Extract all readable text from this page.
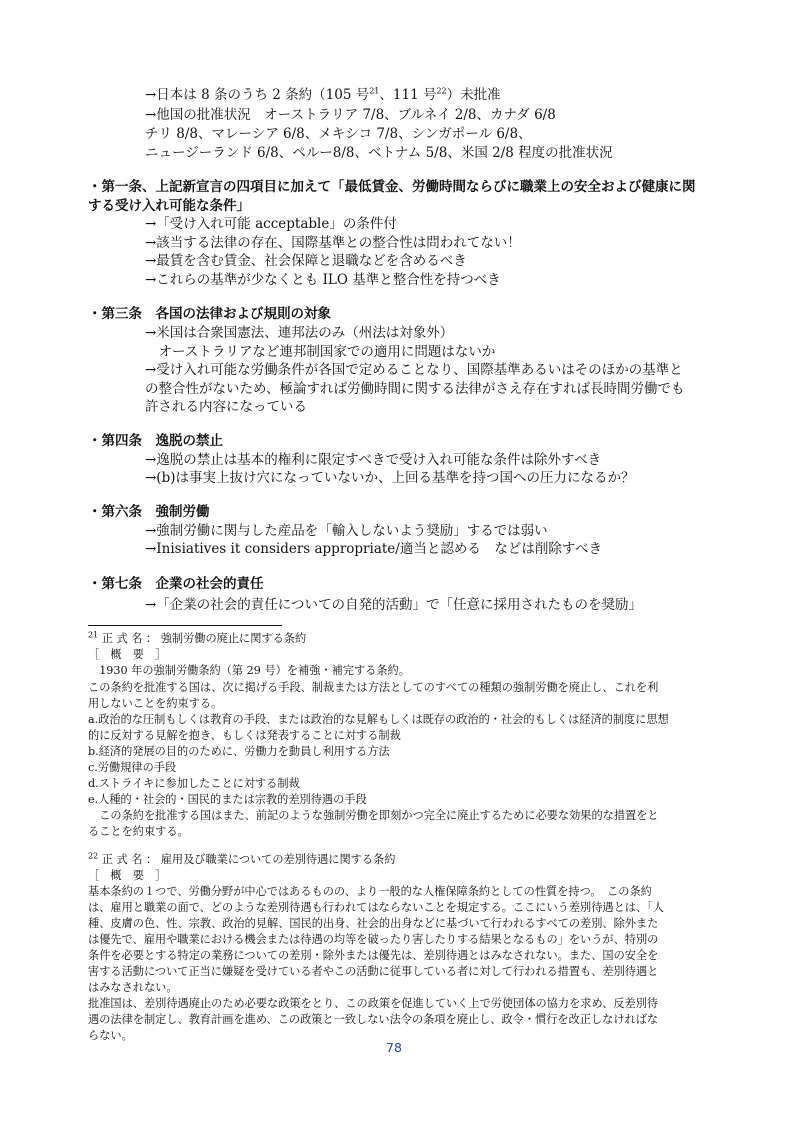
→日本は 8 条のうち 2 条約（105 号$^{21}$、111 号$^{22}$）未批准
→他国の批准状況　オーストラリア 7/8、ブルネイ 2/8、カナダ 6/8
チリ 8/8、マレーシア 6/8、メキシコ 7/8、シンガポール 6/8、
ニュージーランド 6/8、ペルー8/8、ベトナム 5/8、米国 2/8 程度の批准状況
・第一条、上記新宣言の四項目に加えて「最低賃金、労働時間ならびに職業上の安全および健康に関
する受け入れ可能な条件」
→「受け入れ可能 acceptable」の条件付
→該当する法律の存在、国際基準との整合性は問われてない！
→最賃を含む賃金、社会保障と退職などを含めるべき
→これらの基準が少なくとも ILO 基準と整合性を持つべき
・第三条　各国の法律および規則の対象
→米国は合衆国憲法、連邦法のみ（州法は対象外）
　オーストラリアなど連邦制国家での適用に問題はないか
→受け入れ可能な労働条件が各国で定めることなり、国際基準あるいはそのほかの基準と
の整合性がないため、極論すれば労働時間に関する法律がさえ存在すれば長時間労働でも
許される内容になっている
・第四条　逸脱の禁止
→逸脱の禁止は基本的権利に限定すべきで受け入れ可能な条件は除外すべき
→(b)は事実上抜け穴になっていないか、上回る基準を持つ国への圧力になるか？
・第六条　強制労働
→強制労働に関与した産品を「輸入しないよう奨励」するでは弱い
→Inisiatives it considers appropriate/適当と認める　などは削除すべき
・第七条　企業の社会的責任
→「企業の社会的責任についての自発的活動」で「任意に採用されたものを奨励」
$^{21}$ 正 式 名 ： 強制労働の廃止に関する条約
［　概　要　］
　1930 年の強制労働条約（第 29 号）を補強・補完する条約。
この条約を批准する国は、次に掲げる手段、制裁または方法としてのすべての種類の強制労働を廃止し、これを利
用しないことを約束する。
a.政治的な圧制もしくは教育の手段、または政治的な見解もしくは既存の政治的・社会的もしくは経済的制度に思想
的に反対する見解を抱き、もしくは発表することに対する制裁
b.経済的発展の目的のために、労働力を動員し利用する方法
c.労働規律の手段
d.ストライキに参加したことに対する制裁
e.人種的・社会的・国民的または宗教的差別待遇の手段
　この条約を批准する国はまた、前記のような強制労働を即刻かつ完全に廃止するために必要な効果的な措置をと
ることを約束する。
$^{22}$ 正 式 名 ： 雇用及び職業についての差別待遇に関する条約
［　概　要　］
基本条約の１つで、労働分野が中心ではあるものの、より一般的な人権保障条約としての性質を持つ。　この条約
は、雇用と職業の面で、どのような差別待遇も行われてはならないことを規定する。ここにいう差別待遇とは、「人
種、皮膚の色、性、宗教、政治的見解、国民的出身、社会的出身などに基づいて行われるすべての差別、除外また
は優先で、雇用や職業における機会または待遇の均等を破ったり害したりする結果となるもの」をいうが、特別の
条件を必要とする特定の業務についての差別・除外または優先は、差別待遇とはみなされない。また、国の安全を
害する活動について正当に嫌疑を受けている者やこの活動に従事している者に対して行われる措置も、差別待遇と
はみなされない。
批准国は、差別待遇廃止のため必要な政策をとり、この政策を促進していく上で労使団体の協力を求め、反差別待
遇の法律を制定し、教育計画を進め、この政策と一致しない法令の条項を廃止し、政令・慣行を改正しなければな
らない。
78
